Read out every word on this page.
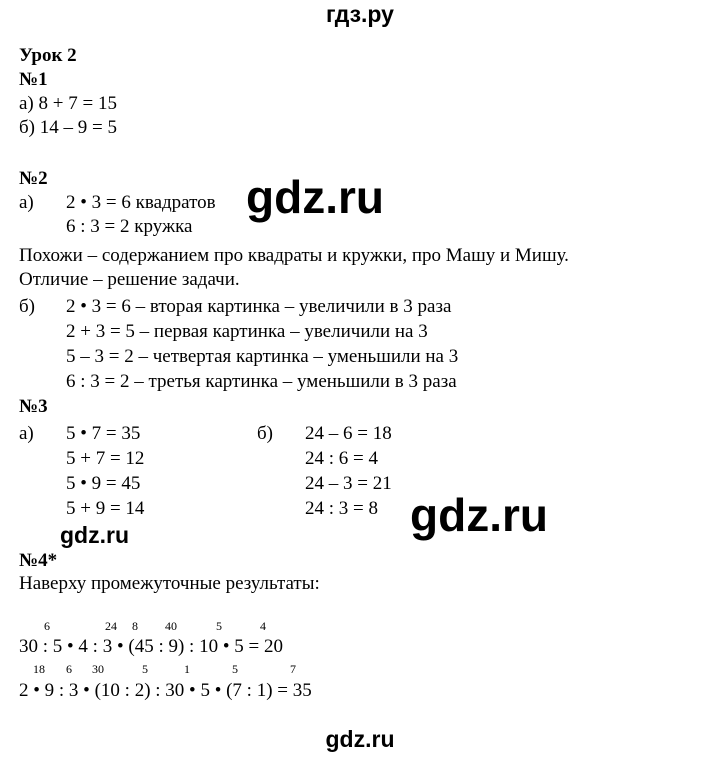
гдз.ру
Урок 2
№1
а) 8 + 7 = 15
б) 14 – 9 = 5
№2
а) 2 • 3 = 6 квадратов
6 : 3 = 2 кружка
Похожи – содержанием про квадраты и кружки, про Машу и Мишу.
Отличие – решение задачи.
б) 2 • 3 = 6 – вторая картинка – увеличили в 3 раза
2 + 3 = 5 – первая картинка – увеличили на 3
5 – 3 = 2 – четвертая картинка – уменьшили на 3
6 : 3 = 2 – третья картинка – уменьшили в 3 раза
№3
а) 5 • 7 = 35
5 + 7 = 12
5 • 9 = 45
5 + 9 = 14
б) 24 – 6 = 18
24 : 6 = 4
24 – 3 = 21
24 : 3 = 8
№4*
Наверху промежуточные результаты:
6	24 8 40	5	4
30 : 5 • 4 : 3 • (45 : 9) : 10 • 5 = 20
18 6 30	5	1	5	7
2 • 9 : 3 • (10 : 2) : 30 • 5 • (7 : 1) = 35
gdz.ru
gdz.ru
gdz.ru
gdz.ru
